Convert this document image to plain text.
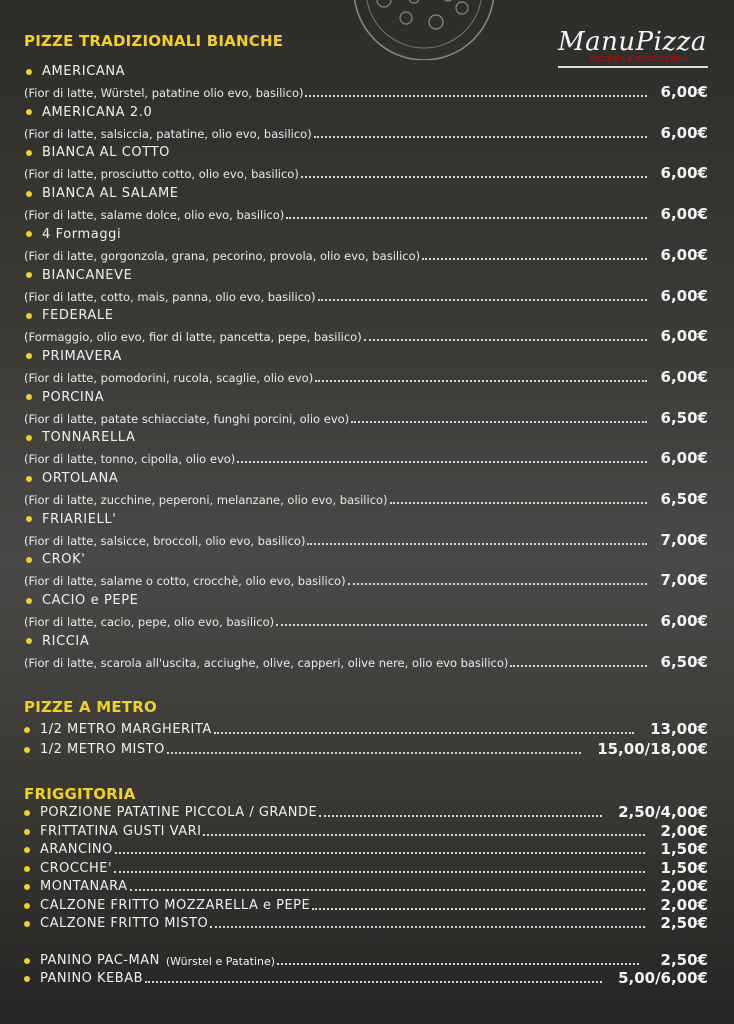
ManuPizza
PIZZERIA & ROSTICCERIA
PIZZE TRADIZIONALI BIANCHE
AMERICANA
(Fior di latte, Würstel, patatine olio evo, basilico)	6,00€
AMERICANA 2.0
(Fior di latte, salsiccia, patatine, olio evo, basilico)	6,00€
BIANCA AL COTTO
(Fior di latte, prosciutto cotto, olio evo, basilico)	6,00€
BIANCA AL SALAME
(Fior di latte, salame dolce, olio evo, basilico)	6,00€
4 Formaggi
(Fior di latte, gorgonzola, grana, pecorino, provola, olio evo, basilico)	6,00€
BIANCANEVE
(Fior di latte, cotto, mais, panna, olio evo, basilico)	6,00€
FEDERALE
(Formaggio, olio evo, fior di latte, pancetta, pepe, basilico)	6,00€
PRIMAVERA
(Fior di latte, pomodorini, rucola, scaglie, olio evo)	6,00€
PORCINA
(Fior di latte, patate schiacciate, funghi porcini, olio evo)	6,50€
TONNARELLA
(Fior di latte, tonno, cipolla, olio evo)	6,00€
ORTOLANA
(Fior di latte, zucchine, peperoni, melanzane, olio evo, basilico)	6,50€
FRIARIELL'
(Fior di latte, salsicce, broccoli, olio evo, basilico)	7,00€
CROK'
(Fior di latte, salame o cotto, crocchè, olio evo, basilico)	7,00€
CACIO e PEPE
(Fior di latte, cacio, pepe, olio evo, basilico)	6,00€
RICCIA
(Fior di latte, scarola all'uscita, acciughe, olive, capperi, olive nere, olio evo basilico)	6,50€
1/2 METRO MARGHERITA	13,00€
1/2 METRO MISTO	15,00/18,00€
PORZIONE PATATINE PICCOLA / GRANDE	2,50/4,00€
FRITTATINA GUSTI VARI	2,00€
ARANCINO	1,50€
CROCCHE'	1,50€
MONTANARA	2,00€
CALZONE FRITTO MOZZARELLA e PEPE	2,00€
CALZONE FRITTO MISTO	2,50€
PANINO PAC-MAN (Würstel e Patatine)	2,50€
PANINO KEBAB	5,00/6,00€
PIZZE A METRO
FRIGGITORIA
